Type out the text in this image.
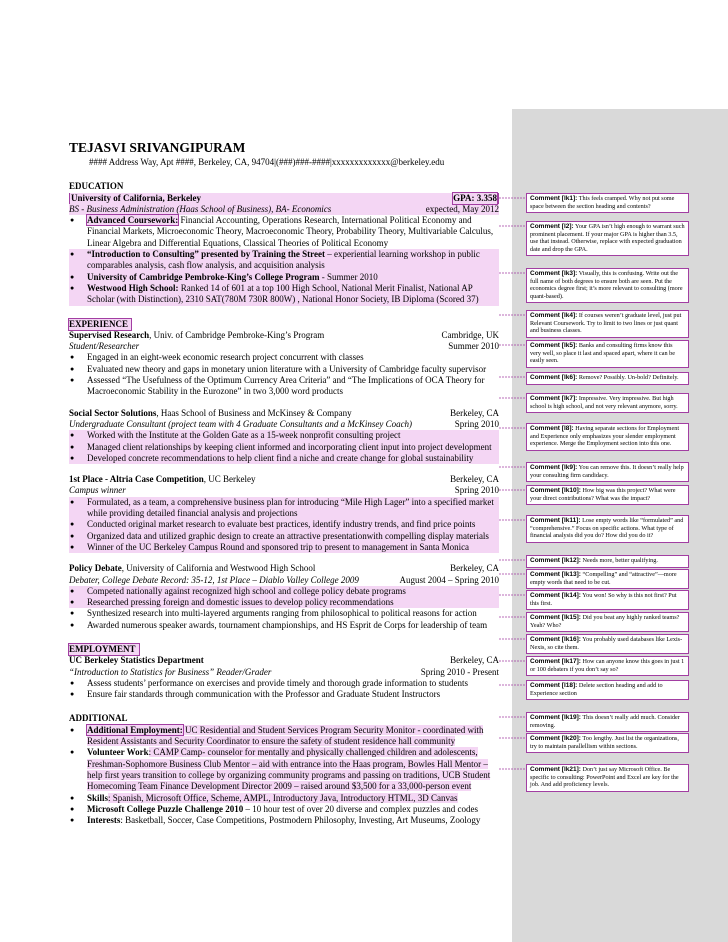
TEJASVI SRIVANGIPURAM
#### Address Way, Apt ####, Berkeley, CA, 94704|(###)###-####|xxxxxxxxxxxxx@berkeley.edu
EDUCATION
University of California, Berkeley	GPA: 3.358
BS - Business Administration (Haas School of Business), BA- Economics	expected, May 2012
● Advanced Coursework: Financial Accounting, Operations Research, International Political Economy and Financial Markets, Microeconomic Theory, Macroeconomic Theory, Probability Theory, Multivariable Calculus, Linear Algebra and Differential Equations, Classical Theories of Political Economy
● “Introduction to Consulting” presented by Training the Street – experiential learning workshop in public comparables analysis, cash flow analysis, and acquisition analysis
● University of Cambridge Pembroke-King’s College Program - Summer 2010
● Westwood High School: Ranked 14 of 601 at a top 100 High School, National Merit Finalist, National AP Scholar (with Distinction), 2310 SAT(780M 730R 800W) , National Honor Society, IB Diploma (Scored 37)
EXPERIENCE
Supervised Research, Univ. of Cambridge Pembroke-King’s Program	Cambridge, UK
Student/Researcher	Summer 2010
● Engaged in an eight-week economic research project concurrent with classes
● Evaluated new theory and gaps in monetary union literature with a University of Cambridge faculty supervisor
● Assessed “The Usefulness of the Optimum Currency Area Criteria” and “The Implications of OCA Theory for Macroeconomic Stability in the Eurozone” in two 3,000 word products
Social Sector Solutions, Haas School of Business and McKinsey & Company	Berkeley, CA
Undergraduate Consultant (project team with 4 Graduate Consultants and a McKinsey Coach)	Spring 2010
● Worked with the Institute at the Golden Gate as a 15-week nonprofit consulting project
● Managed client relationships by keeping client informed and incorporating client input into project development
● Developed concrete recommendations to help client find a niche and create change for global sustainability
1st Place - Altria Case Competition, UC Berkeley	Berkeley, CA
Campus winner	Spring 2010
● Formulated, as a team, a comprehensive business plan for introducing “Mile High Lager” into a specified market while providing detailed financial analysis and projections
● Conducted original market research to evaluate best practices, identify industry trends, and find price points
● Organized data and utilized graphic design to create an attractive presentationwith compelling display materials
● Winner of the UC Berkeley Campus Round and sponsored trip to present to management in Santa Monica
Policy Debate, University of California and Westwood High School	Berkeley, CA
Debater, College Debate Record: 35-12, 1st Place – Diablo Valley College 2009	August 2004 – Spring 2010
● Competed nationally against recognized high school and college policy debate programs
● Researched pressing foreign and domestic issues to develop policy recommendations
● Synthesized research into multi-layered arguments ranging from philosophical to political reasons for action
● Awarded numerous speaker awards, tournament championships, and HS Esprit de Corps for leadership of team
EMPLOYMENT
UC Berkeley Statistics Department	Berkeley, CA
“Introduction to Statistics for Business” Reader/Grader	Spring 2010 - Present
● Assess students’ performance on exercises and provide timely and thorough grade information to students
● Ensure fair standards through communication with the Professor and Graduate Student Instructors
ADDITIONAL
● Additional Employment: UC Residential and Student Services Program Security Monitor - coordinated with Resident Assistants and Security Coordinator to ensure the safety of student residence hall community
● Volunteer Work: CAMP Camp- counselor for mentally and physically challenged children and adolescents, Freshman-Sophomore Business Club Mentor – aid with entrance into the Haas program, Bowles Hall Mentor – help first years transition to college by organizing community programs and passing on traditions, UCB Student Homecoming Team Finance Development Director 2009 – raised around $3,500 for a 33,000-person event
● Skills: Spanish, Microsoft Office, Scheme, AMPL, Introductory Java, Introductory HTML, 3D Canvas
● Microsoft College Puzzle Challenge 2010 – 10 hour test of over 20 diverse and complex puzzles and codes
● Interests: Basketball, Soccer, Case Competitions, Postmodern Philosophy, Investing, Art Museums, Zoology
Comment [lk1]: This feels cramped. Why not put some space between the section heading and contents?
Comment [l2]: Your GPA isn’t high enough to warrant such prominent placement. If your major GPA is higher than 3.5, use that instead. Otherwise, replace with expected graduation date and drop the GPA.
Comment [lk3]: Visually, this is confusing. Write out the full name of both degrees to ensure both are seen. Put the economics degree first; it’s more relevant to consulting (more quant-based).
Comment [lk4]: If courses weren’t graduate level, just put Relevant Coursework. Try to limit to two lines or just quant and business classes.
Comment [lk5]: Banks and consulting firms know this very well, so place it last and spaced apart, where it can be easily seen.
Comment [lk6]: Remove? Possibly. Un-bold? Definitely.
Comment [lk7]: Impressive. Very impressive. But high school is high school, and not very relevant anymore, sorry.
Comment [l8]: Having separate sections for Employment and Experience only emphasizes your slender employment experience. Merge the Employment section into this one.
Comment [lk9]: You can remove this. It doesn’t really help your consulting firm candidacy.
Comment [lk10]: How big was this project? What were your direct contributions? What was the impact?
Comment [lk11]: Lose empty words like “formulated” and “comprehensive.” Focus on specific actions. What type of financial analysis did you do? How did you do it?
Comment [lk12]: Needs more, better qualifying.
Comment [lk13]: “Compelling” and “attractive”—more empty words that need to be cut.
Comment [lk14]: You won! So why is this not first? Put this first.
Comment [lk15]: Did you beat any highly ranked teams? Yeah? Who?
Comment [lk16]: You probably used databases like Lexis-Nexis, so cite them.
Comment [lk17]: How can anyone know this goes in just 1 or 100 debaters if you don’t say so?
Comment [l18]: Delete section heading and add to Experience section
Comment [lk19]: This doesn’t really add much. Consider removing.
Comment [lk20]: Too lengthy. Just list the organizations, try to maintain parallellism within sections.
Comment [lk21]: Don’t just say Microsoft Office. Be specific to consulting: PowerPoint and Excel are key for the job. And add proficiency levels.
